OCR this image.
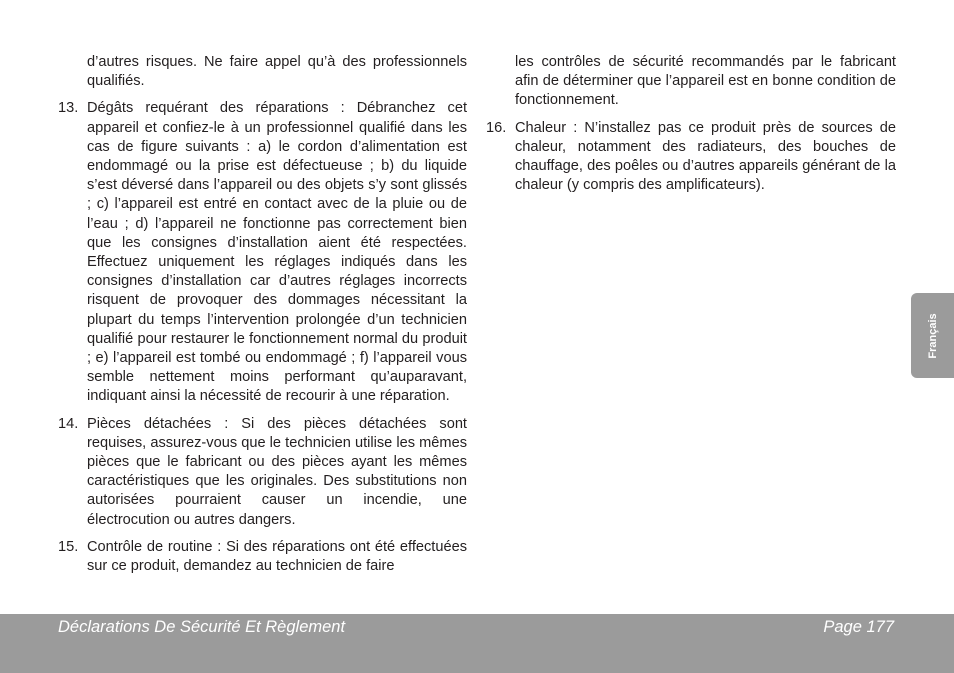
d’autres risques. Ne faire appel qu’à des professionnels qualifiés.
13. Dégâts requérant des réparations : Débranchez cet appareil et confiez-le à un professionnel qualifié dans les cas de figure suivants : a) le cordon d’alimentation est endommagé ou la prise est défectueuse ; b) du liquide s’est déversé dans l’appareil ou des objets s’y sont glissés ; c) l’appareil est entré en contact avec de la pluie ou de l’eau ; d) l’appareil ne fonctionne pas correctement bien que les consignes d’installation aient été respectées. Effectuez uniquement les réglages indiqués dans les consignes d’installation car d’autres réglages incorrects risquent de provoquer des dommages nécessitant la plupart du temps l’intervention prolongée d’un technicien qualifié pour restaurer le fonctionnement normal du produit ; e) l’appareil est tombé ou endommagé ; f) l’appareil vous semble nettement moins performant qu’auparavant, indiquant ainsi la nécessité de recourir à une réparation.
14. Pièces détachées : Si des pièces détachées sont requises, assurez-vous que le technicien utilise les mêmes pièces que le fabricant ou des pièces ayant les mêmes caractéristiques que les originales. Des substitutions non autorisées pourraient causer un incendie, une électrocution ou autres dangers.
15. Contrôle de routine : Si des réparations ont été effectuées sur ce produit, demandez au technicien de faire
les contrôles de sécurité recommandés par le fabricant afin de déterminer que l’appareil est en bonne condition de fonctionnement.
16. Chaleur : N’installez pas ce produit près de sources de chaleur, notamment des radiateurs, des bouches de chauffage, des poêles ou d’autres appareils générant de la chaleur (y compris des amplificateurs).
Français
Déclarations De Sécurité Et Règlement	Page 177
